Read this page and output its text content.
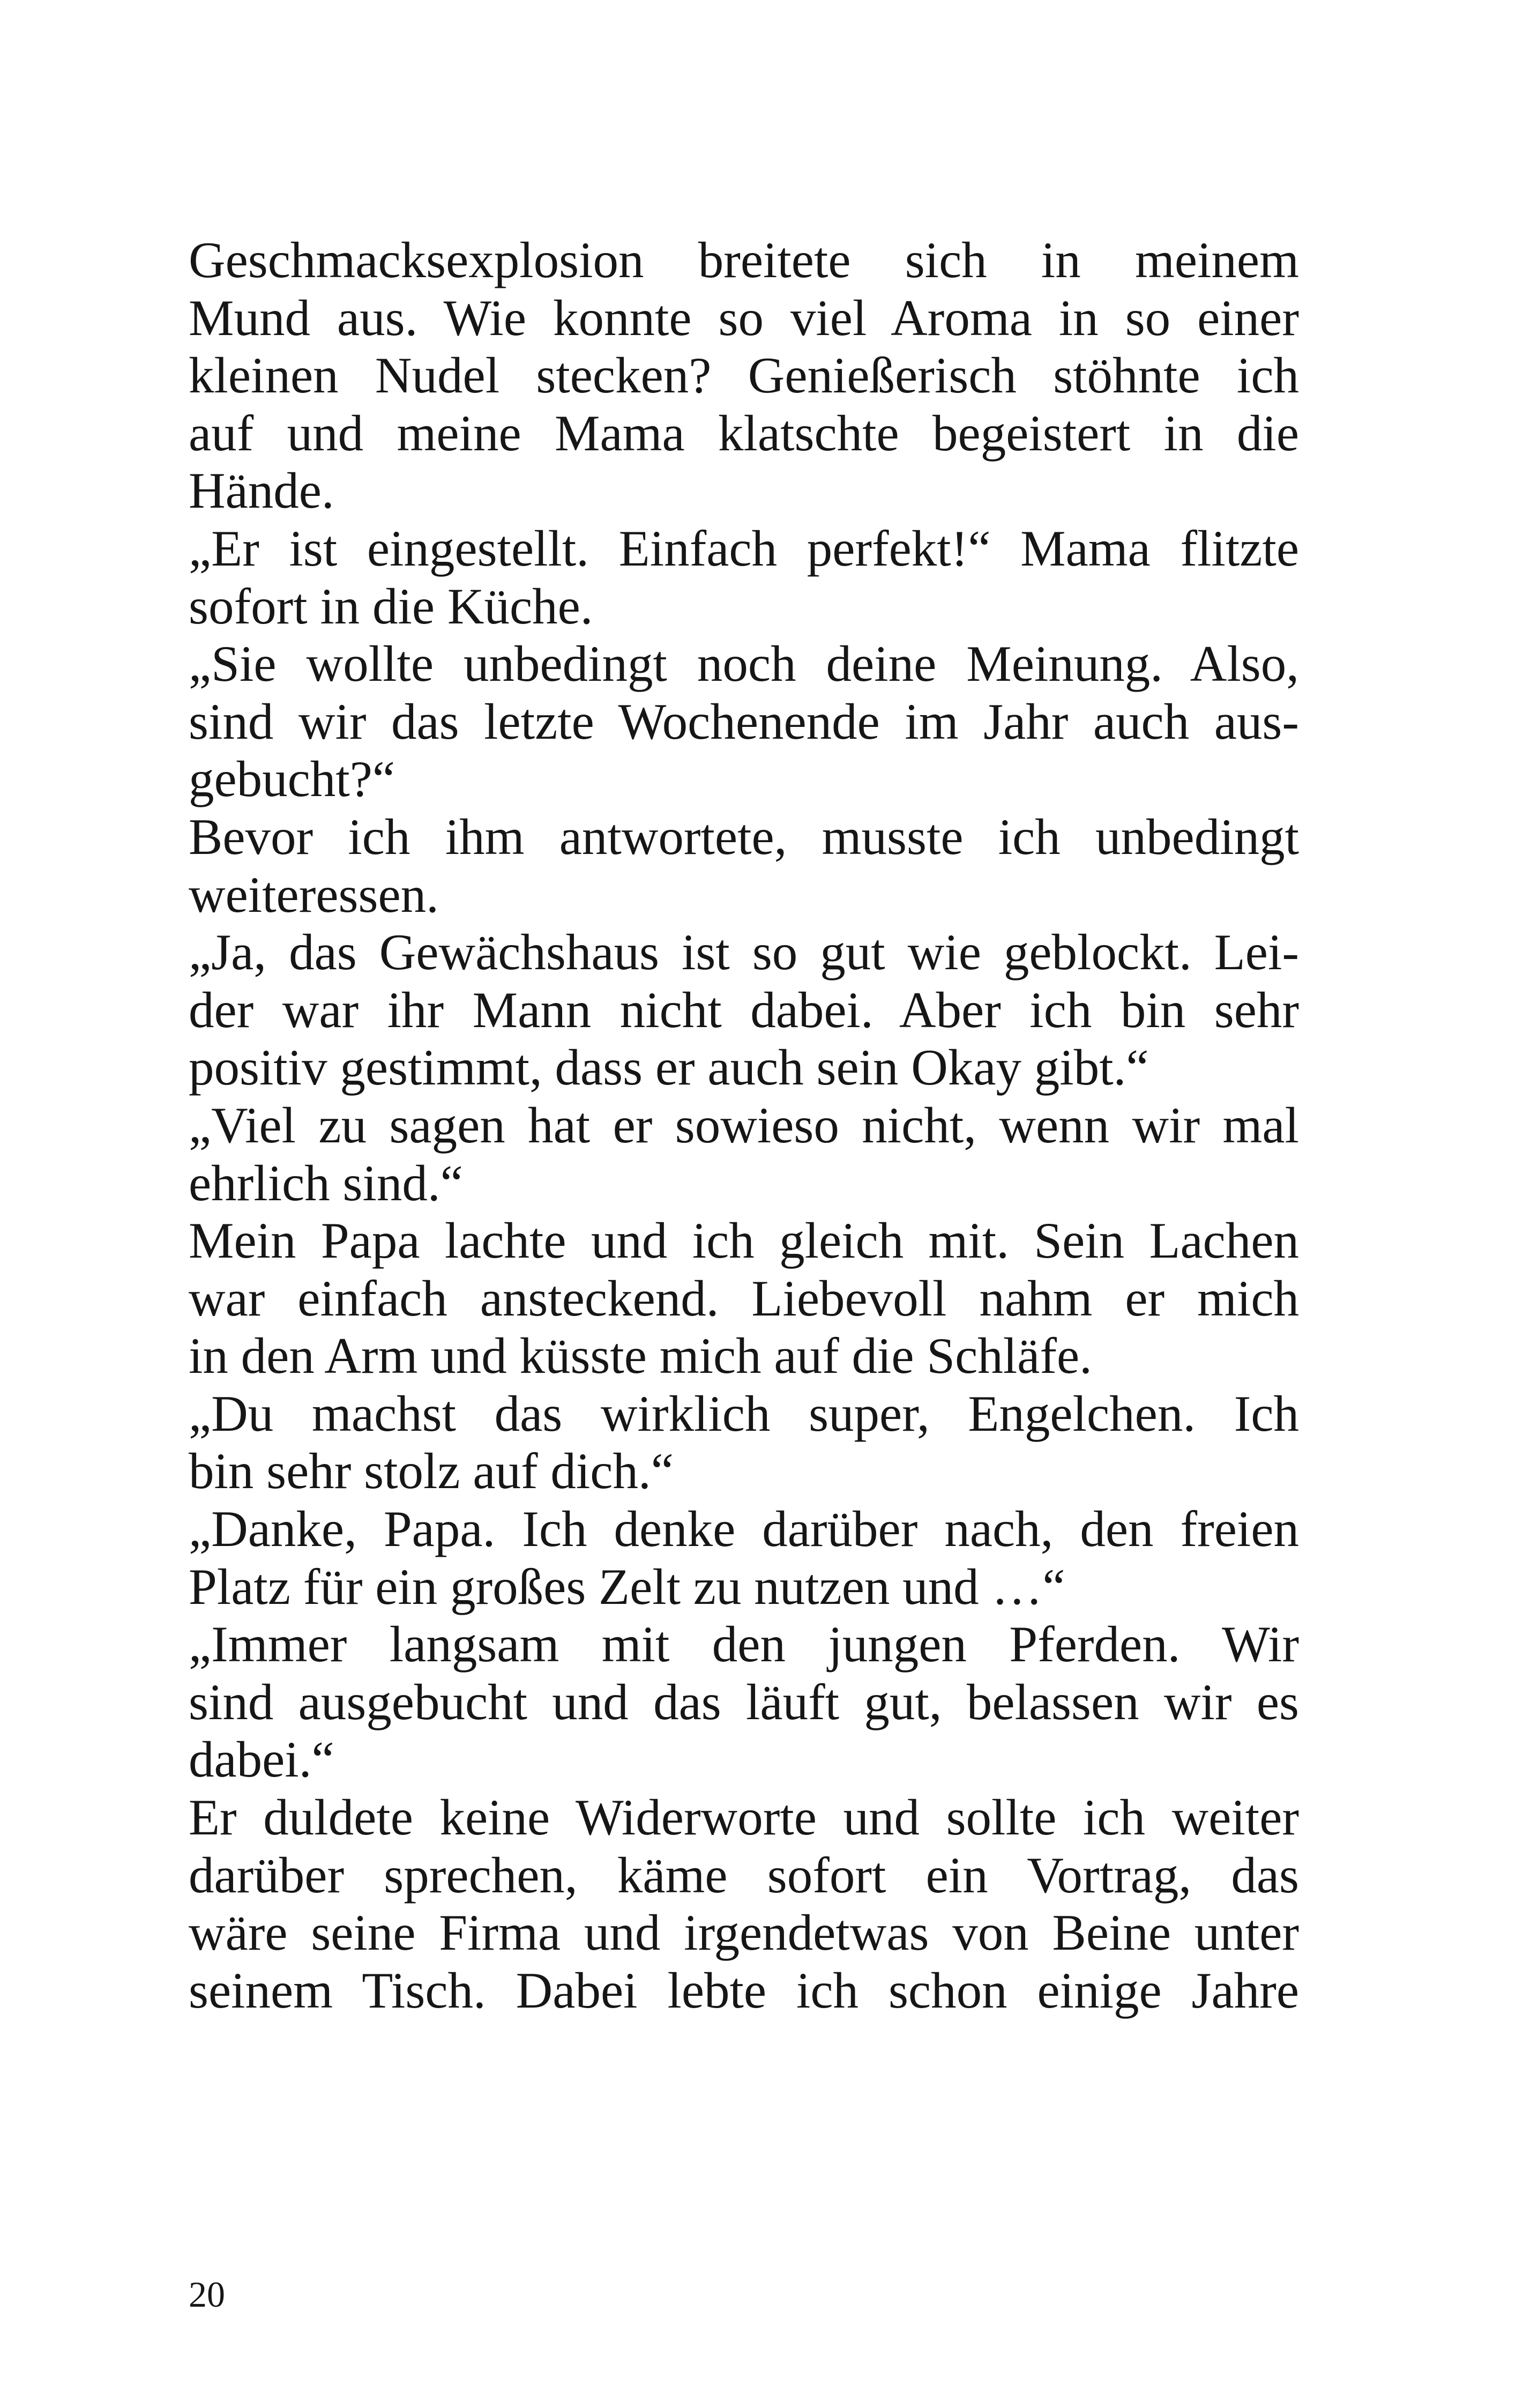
Geschmacksexplosion breitete sich in meinem
Mund aus. Wie konnte so viel Aroma in so einer
kleinen Nudel stecken? Genießerisch stöhnte ich
auf und meine Mama klatschte begeistert in die
Hände.
„Er ist eingestellt. Einfach perfekt!“ Mama flitzte
sofort in die Küche.
„Sie wollte unbedingt noch deine Meinung. Also,
sind wir das letzte Wochenende im Jahr auch aus-
gebucht?“
Bevor ich ihm antwortete, musste ich unbedingt
weiteressen.
„Ja, das Gewächshaus ist so gut wie geblockt. Lei-
der war ihr Mann nicht dabei. Aber ich bin sehr
positiv gestimmt, dass er auch sein Okay gibt.“
„Viel zu sagen hat er sowieso nicht, wenn wir mal
ehrlich sind.“
Mein Papa lachte und ich gleich mit. Sein Lachen
war einfach ansteckend. Liebevoll nahm er mich
in den Arm und küsste mich auf die Schläfe.
„Du machst das wirklich super, Engelchen. Ich
bin sehr stolz auf dich.“
„Danke, Papa. Ich denke darüber nach, den freien
Platz für ein großes Zelt zu nutzen und …“
„Immer langsam mit den jungen Pferden. Wir
sind ausgebucht und das läuft gut, belassen wir es
dabei.“
Er duldete keine Widerworte und sollte ich weiter
darüber sprechen, käme sofort ein Vortrag, das
wäre seine Firma und irgendetwas von Beine unter
seinem Tisch. Dabei lebte ich schon einige Jahre
20
